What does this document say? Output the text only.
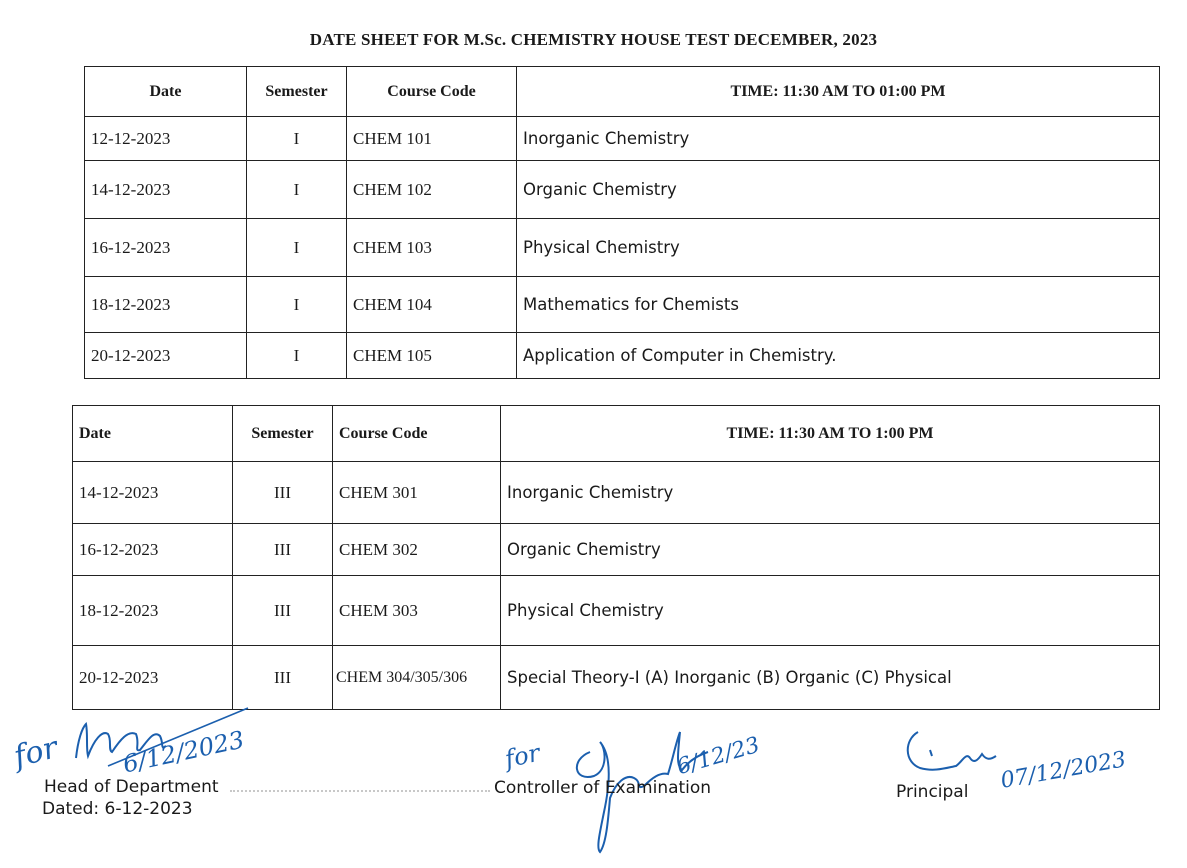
DATE SHEET FOR M.Sc. CHEMISTRY HOUSE TEST DECEMBER, 2023
Date	Semester	Course Code	TIME: 11:30 AM TO 01:00 PM
12-12-2023	I	CHEM 101	Inorganic Chemistry
14-12-2023	I	CHEM 102	Organic Chemistry
16-12-2023	I	CHEM 103	Physical Chemistry
18-12-2023	I	CHEM 104	Mathematics for Chemists
20-12-2023	I	CHEM 105	Application of Computer in Chemistry.
Date	Semester	Course Code	TIME: 11:30 AM TO 1:00 PM
14-12-2023	III	CHEM 301	Inorganic Chemistry
16-12-2023	III	CHEM 302	Organic Chemistry
18-12-2023	III	CHEM 303	Physical Chemistry
20-12-2023	III	CHEM 304/305/306	Special Theory-I (A) Inorganic (B) Organic (C) Physical
for 6/12/2023
Head of Department
Dated: 6-12-2023
for	6/12/23
Controller of Examination	Principal 07/12/2023
